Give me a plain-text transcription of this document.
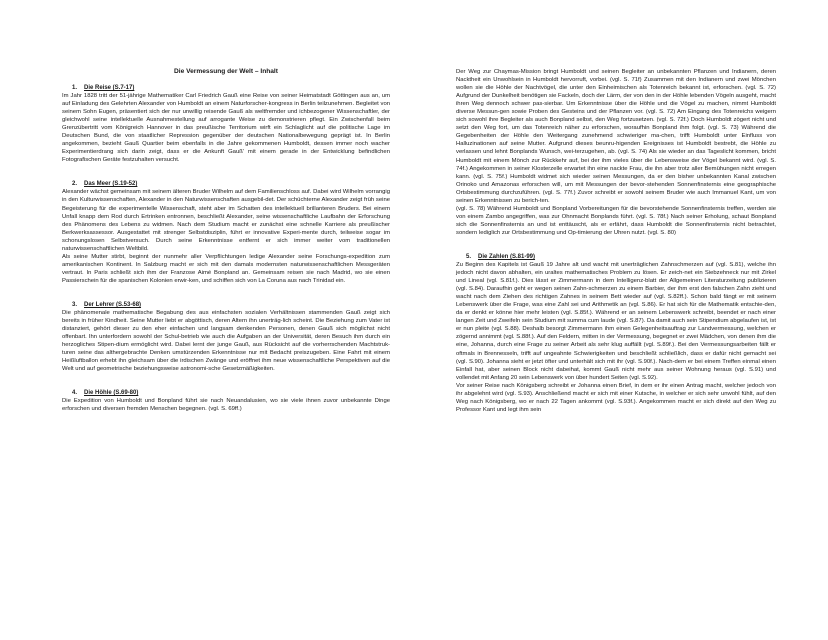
Die Vermessung der Welt – Inhalt
1. Die Reise (S.7-17)

Im Jahr 1828 tritt der 51-jährige Mathematiker Carl Friedrich Gauß eine Reise von seiner Heimatstadt Göttingen aus an, um auf Einladung des Gelehrten Alexander von Humboldt an einem Naturforscher-kongress in Berlin teilzunehmen. Begleitet von seinem Sohn Eugen, präsentiert sich der nur unwillig reisende Gauß als weltfremder und ichbezogener Wissenschaftler, der gleichwohl seine intellektuelle Ausnahmestellung auf arrogante Weise zu demonstrieren pflegt. Ein Zwischenfall beim Grenzübertritt vom Königreich Hannover in das preußische Territorium wirft ein Schlaglicht auf die politische Lage im Deutschen Bund, die von staatlicher Repression gegenüber der deutschen Nationalbewegung geprägt ist. In Berlin angekommen, bezieht Gauß Quartier beim ebenfalls in die Jahre gekommenen Humboldt, dessen immer noch wacher Experimentierdrang sich darin zeigt, dass er die Ankunft Gauß’ mit einem gerade in der Entwicklung befindlichen Fotografischen Geräte festzuhalten versucht.

2. Das Meer (S.19-52)

Alexander wächst gemeinsam mit seinem älteren Bruder Wilhelm auf dem Familienschloss auf. Dabei wird Wilhelm vorrangig in den Kulturwissenschaften, Alexander in den Naturwissenschaften ausgebil-det. Der schüchterne Alexander zeigt früh seine Begeisterung für die experimentelle Wissenschaft, steht aber im Schatten des intellektuell brillanteren Bruders. Bei einem Unfall knapp dem Rod durch Ertrinken entronnen, beschließt Alexander, seine wissenschaftliche Laufbahn der Erforschung des Phänomens des Lebens zu widmen. Nach dem Studium macht er zunächst eine schnelle Karriere als preußischer Berkwerksassessor. Ausgestattet mit strenger Selbstdisziplin, führt er innovative Experi-mente durch, teilweise sogar im schonungslosen Selbstversuch. Durch seine Erkenntnisse entfernt er sich immer weiter vom traditionellen naturwissenschaftlichen Weltbild.

Als seine Mutter stirbt, beginnt der nunmehr aller Verpflichtungen ledige Alexander seine Forschungs-expedition zum amerikanischen Kontinent. In Salzburg macht er sich mit den damals modernsten naturwissenschaftlichen Messgeräten vertraut. In Paris schließt sich ihm der Franzose Aimé Bonpland an. Gemeinsam reisen sie nach Madrid, wo sie einen Passierschein für die spanischen Kolonien erwir-ken, und schiffen sich von La Coruna aus nach Trinidad ein.

3. Der Lehrer (S.53-68)

Die phänomenale mathematische Begabung des aus einfachsten sozialen Verhältnissen stammenden Gauß zeigt sich bereits in früher Kindheit. Seine Mutter liebt er abgöttisch, deren Altern ihn unerträg-lich scheint. Die Beziehung zum Vater ist distanziert, gehört dieser zu den eher einfachen und langsam denkenden Personen, denen Gauß sich möglichst nicht offenbart. Ihn unterfordern sowohl der Schul-betrieb wie auch die Aufgaben an der Universität, deren Besuch ihm durch ein herzogliches Stipen-dium ermöglicht wird. Dabei lernt der junge Gauß, aus Rücksicht auf die vorherrschenden Machtstruk-turen seine das althergebrachte Denken umstürzenden Erkenntnisse nur mit Bedacht preiszugeben. Eine Fahrt mit einem Heißluftballon erhebt ihn gleichsam über die irdischen Zwänge und eröffnet ihm neue wissenschaftliche Perspektiven auf die Welt und auf geometrische beziehungsweise astronomi-sche Gesetzmäßigkeiten.

4. Die Höhle (S.69-80)

Die Expedition von Humboldt und Bonpland führt sie nach Neuandalusien, wo sie viele ihnen zuvor unbekannte Dinge erforschen und diversen fremden Menschen begegnen. (vgl. S. 69ff.)

Der Weg zur Chaymas-Mission bringt Humboldt und seinen Begleiter an unbekannten Pflanzen und Indianern, deren Nacktheit ein Unwohlsein in Humboldt hervorruft, vorbei. (vgl. S. 71f) Zusammen mit den Indianern und zwei Mönchen wollen sie die Höhle der Nachtvögel, die unter den Einheimischen als Totenreich bekannt ist, erforschen. (vgl. S. 72) Aufgrund der Dunkelheit benötigen sie Fackeln, doch der Lärm, der von den in der Höhle lebenden Vögeln ausgeht, macht ihren Weg dennoch schwer pas-sierbar. Um Erkenntnisse über die Höhle und die Vögel zu machen, nimmt Humboldt diverse Messun-gen sowie Proben des Gesteins und der Pflanzen vor. (vgl. S. 72) Am Eingang des Totenreichs weigern sich sowohl ihre Begleiter als auch Bonpland selbst, den Weg fortzusetzen. (vgl. S. 72f.) Doch Humboldt zögert nicht und setzt den Weg fort, um das Totenreich näher zu erforschen, woraufhin Bonpland ihm folgt. (vgl. S. 73) Während die Gegebenheiten der Höhle den Weitergang zunehmend schwieriger ma-chen, trifft Humboldt unter Einfluss von Halluzinationen auf seine Mutter. Aufgrund dieses beunru-higenden Ereignisses ist Humboldt bestrebt, die Höhle zu verlassen und lehnt Bonplands Wunsch, wei-terzugehen, ab. (vgl. S. 74) Als sie wieder an das Tageslicht kommen, bricht Humboldt mit einem Mönch zur Rückkehr auf, bei der ihm vieles über die Lebensweise der Vögel bekannt wird. (vgl. S. 74f.) Angekommen in seiner Klosterzelle erwartet ihn eine nackte Frau, die ihn aber trotz aller Bemühungen nicht erregen kann. (vgl. S. 75f.) Humboldt widmet sich wieder seinen Messungen, da er den bisher unbekannten Kanal zwischen Orinoko und Amazonas erforschen will, um mit Messungen der bevor-stehenden Sonnenfinsternis eine geographische Ortsbestimmung durchzuführen. (vgl. S. 77f.) Zuvor schreibt er sowohl seinem Bruder wie auch Immanuel Kant, um von seinen Erkenntnissen zu berich-ten.

(vgl. S. 78) Während Humboldt und Bonpland Vorbereitungen für die bevorstehende Sonnenfinsternis treffen, werden sie von einem Zambo angegriffen, was zur Ohnmacht Bonplands führt. (vgl. S. 78f.) Nach seiner Erholung, schaut Bonpland sich die Sonnenfinsternis an und ist enttäuscht, als er erfährt, dass Humboldt die Sonnenfinsternis nicht betrachtet, sondern lediglich zur Ortsbestimmung und Op-timierung der Uhren nutzt. (vgl. S. 80)

5. Die Zahlen (S.81-99)

Zu Beginn des Kapitels ist Gauß 19 Jahre alt und wacht mit unerträglichen Zahnschmerzen auf (vgl. S.81), welche ihn jedoch nicht davon abhalten, ein uraltes mathematisches Problem zu lösen. Er zeich-net ein Siebzehneck nur mit Zirkel und Lineal (vgl. S.81f.). Dies lässt er Zimmermann in dem Intelligenz-blatt der Allgemeinen Literaturzeitung publizieren (vgl. S.84). Daraufhin geht er wegen seinen Zahn-schmerzen zu einem Barbier, der ihm erst den falschen Zahn zieht und wacht nach dem Ziehen des richtigen Zahnes in seinem Bett wieder auf (vgl. S.82ff.). Schon bald fängt er mit seinem Lebenswerk über die Frage, was eine Zahl sei und Arithmetik an (vgl. S.86). Er hat sich für die Mathematik entschie-den, da er denkt er könne hier mehr leisten (vgl. S.85f.). Während er an seinem Lebenswerk schreibt, beendet er nach einer langen Zeit und Zweifeln sein Studium mit summa cum laude (vgl. S.87). Da damit auch sein Stipendium abgelaufen ist, ist er nun pleite (vgl. S.88). Deshalb besorgt Zimmermann ihm einen Gelegenheitsauftrag zur Landvermessung, welchen er zögernd annimmt (vgl. S.88f.). Auf den Feldern, mitten in der Vermessung, begegnet er zwei Mädchen, von denen ihm die eine, Johanna, durch eine Frage zu seiner Arbeit als sehr klug auffällt (vgl. S.89f.). Bei den Vermessungsarbeiten fällt er oftmals in Brennesseln, trifft auf ungeahnte Schwierigkeiten und beschließt schließlich, dass er dafür nicht gemacht sei (vgl. S.90). Johanna sieht er jetzt öfter und unterhält sich mit ihr (vgl. S.90f.). Nach-dem er bei einem Treffen einmal einen Einfall hat, aber seinen Block nicht dabeihat, kommt Gauß nicht mehr aus seiner Wohnung heraus (vgl. S.91) und vollendet mit Anfang 20 sein Lebenswerk von über hundert Seiten (vgl. S.92).

Vor seiner Reise nach Königsberg schreibt er Johanna einen Brief, in dem er ihr einen Antrag macht, welcher jedoch von ihr abgelehnt wird (vgl. S.93). Anschließend macht er sich mit einer Kutsche, in welcher er sich sehr unwohl fühlt, auf den Weg nach Königsberg, wo er nach 22 Tagen ankommt (vgl. S.93f.). Angekommen macht er sich direkt auf den Weg zu Professor Kant und legt ihm sein
